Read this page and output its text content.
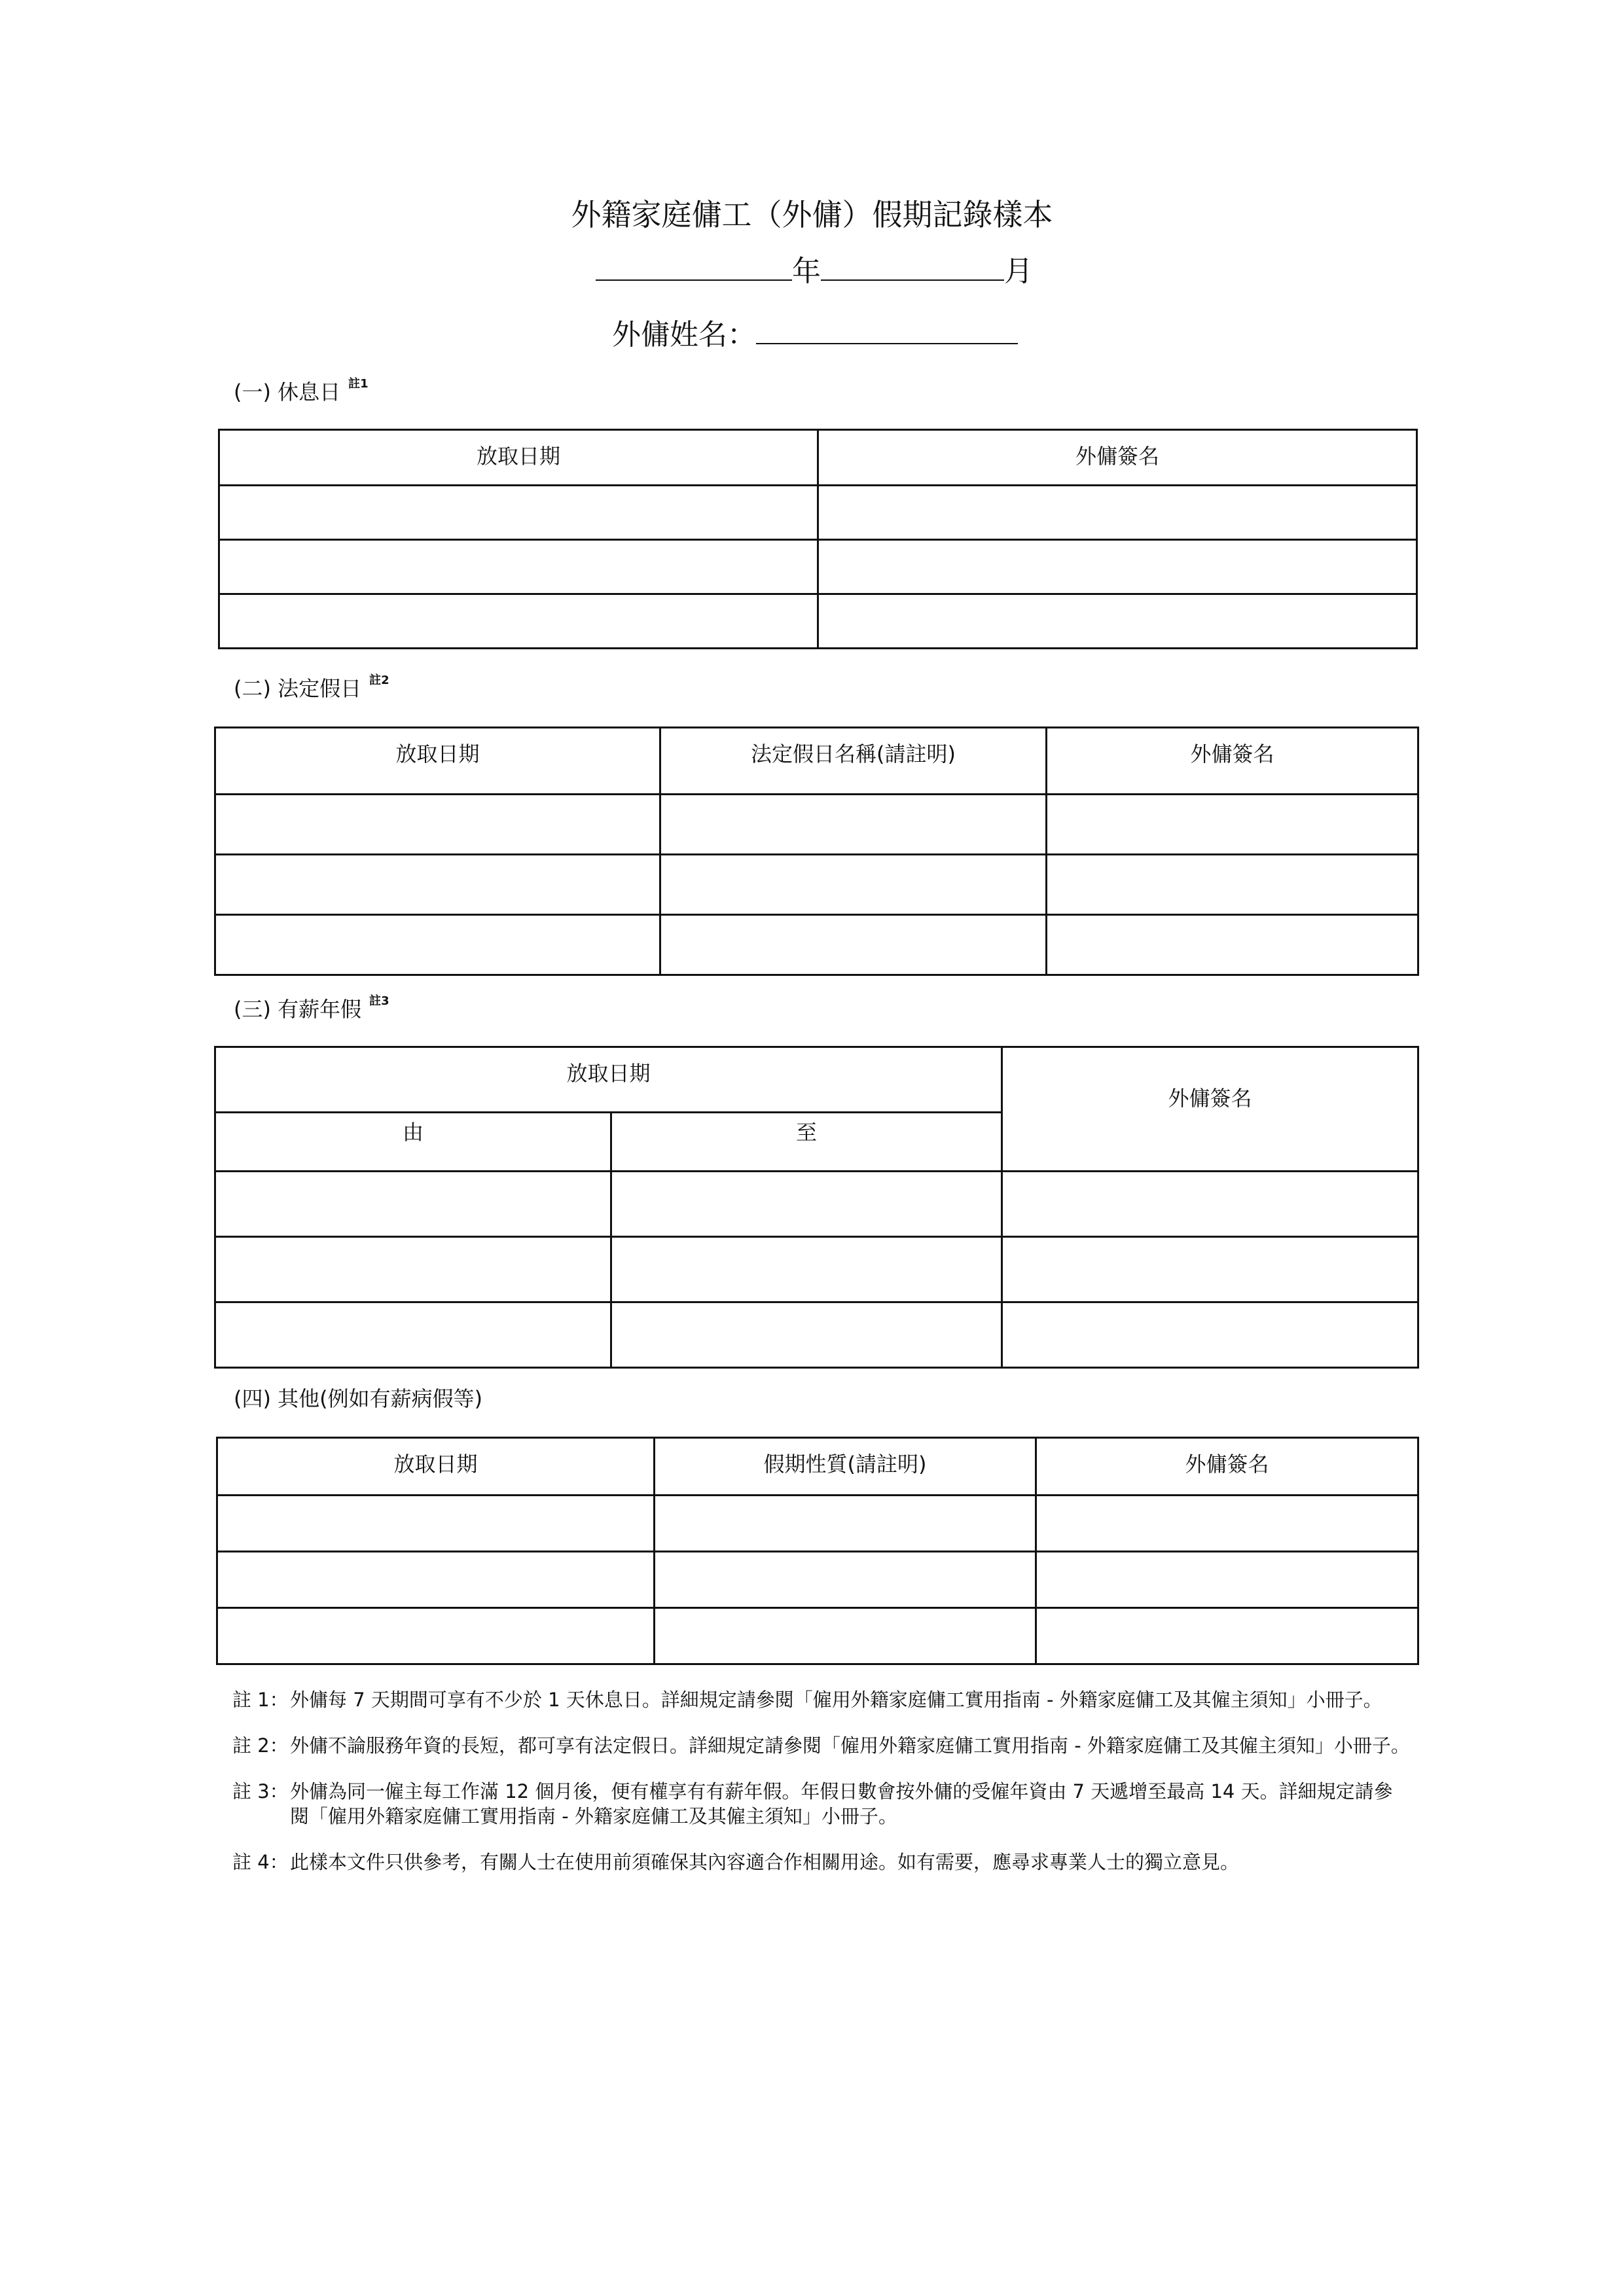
外籍家庭傭工（外傭）假期記錄樣本
年	月
外傭姓名：
(一) 休息日 $^{註1}$
放取日期	外傭簽名

(二) 法定假日 $^{註2}$
放取日期	法定假日名稱(請註明)	外傭簽名

(三) 有薪年假 $^{註3}$
放取日期		外傭簽名
由	至	

(四) 其他(例如有薪病假等)
放取日期	假期性質(請註明)	外傭簽名

註 1： 外傭每 7 天期間可享有不少於 1 天休息日。詳細規定請參閱「僱用外籍家庭傭工實用指南 - 外籍家庭傭工及其僱主須知」小冊子。
註 2： 外傭不論服務年資的長短，都可享有法定假日。詳細規定請參閱「僱用外籍家庭傭工實用指南 - 外籍家庭傭工及其僱主須知」小冊子。
註 3： 外傭為同一僱主每工作滿 12 個月後，便有權享有有薪年假。年假日數會按外傭的受僱年資由 7 天遞增至最高 14 天。詳細規定請參閱「僱用外籍家庭傭工實用指南 - 外籍家庭傭工及其僱主須知」小冊子。
註 4： 此樣本文件只供參考，有關人士在使用前須確保其內容適合作相關用途。如有需要，應尋求專業人士的獨立意見。
